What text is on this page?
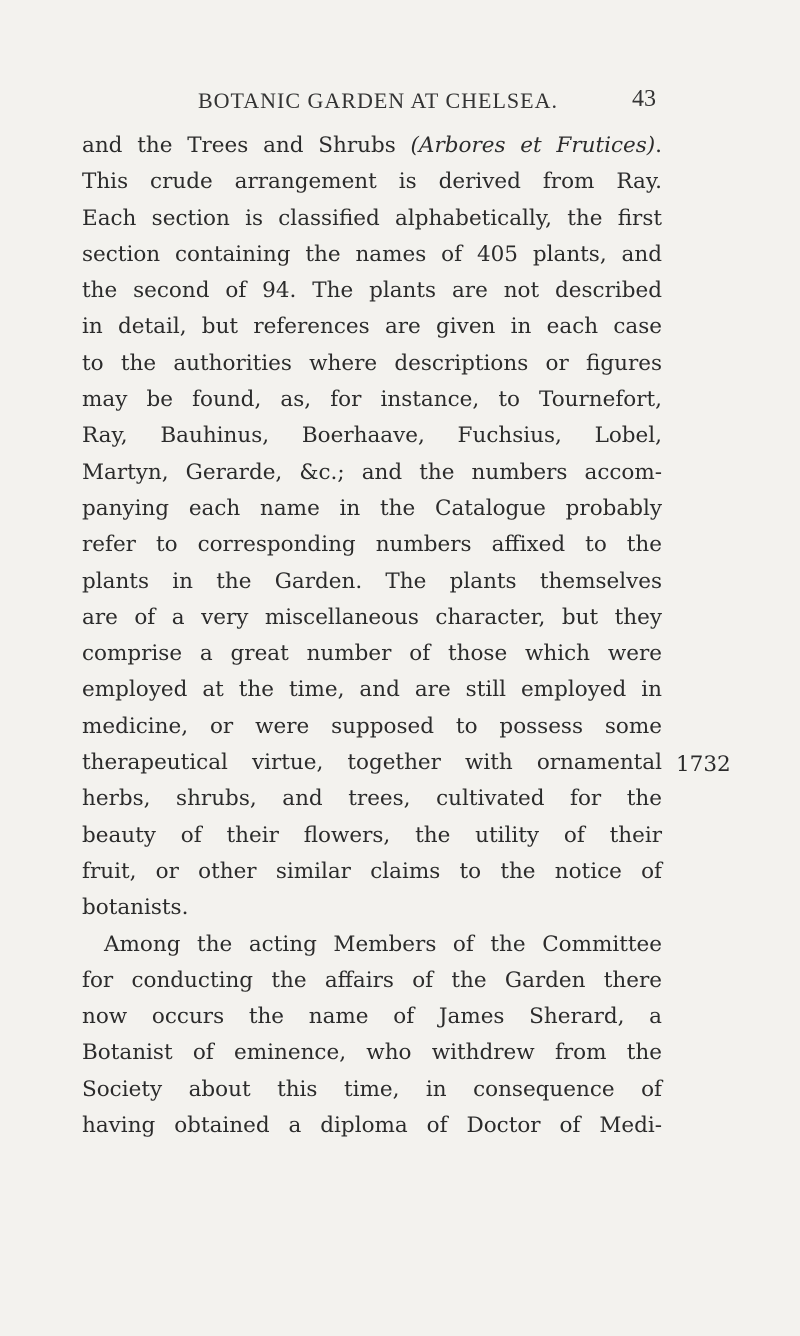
BOTANIC GARDEN AT CHELSEA.	43
and the Trees and Shrubs (Arbores et Frutices).
This crude arrangement is derived from Ray.
Each section is classified alphabetically, the first
section containing the names of 405 plants, and
the second of 94. The plants are not described
in detail, but references are given in each case
to the authorities where descriptions or figures
may be found, as, for instance, to Tournefort,
Ray, Bauhinus, Boerhaave, Fuchsius, Lobel,
Martyn, Gerarde, &c.; and the numbers accom-
panying each name in the Catalogue probably
refer to corresponding numbers affixed to the
plants in the Garden. The plants themselves
are of a very miscellaneous character, but they
comprise a great number of those which were
employed at the time, and are still employed in
medicine, or were supposed to possess some
therapeutical virtue, together with ornamental
herbs, shrubs, and trees, cultivated for the
beauty of their flowers, the utility of their
fruit, or other similar claims to the notice of
botanists.
Among the acting Members of the Committee
for conducting the affairs of the Garden there
now occurs the name of James Sherard, a
Botanist of eminence, who withdrew from the
Society about this time, in consequence of
having obtained a diploma of Doctor of Medi-
1732
